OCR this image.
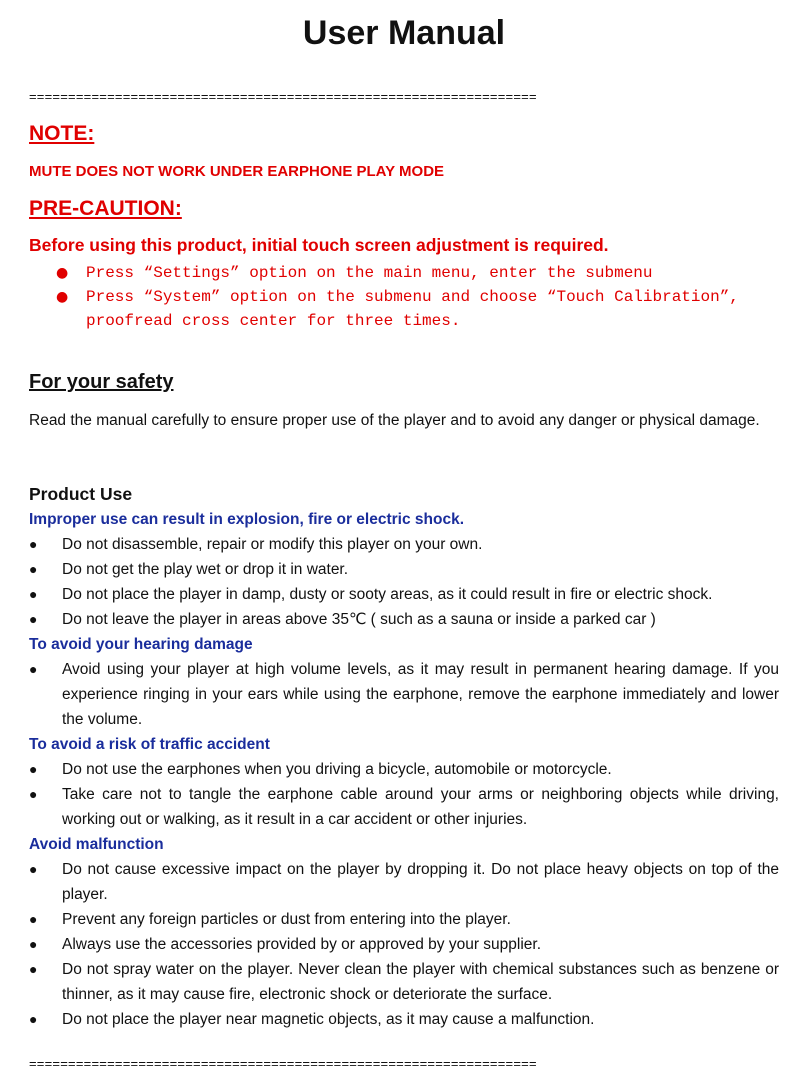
User Manual
=================================================================
NOTE:
MUTE DOES NOT WORK UNDER EARPHONE PLAY MODE
PRE-CAUTION:
Before using this product, initial touch screen adjustment is required.
● Press “Settings” option on the main menu, enter the submenu
● Press “System” option on the submenu and choose “Touch Calibration”, proofread cross center for three times.
For your safety

Read the manual carefully to ensure proper use of the player and to avoid any danger or physical damage.

Product Use
Improper use can result in explosion, fire or electric shock.
● Do not disassemble, repair or modify this player on your own.
● Do not get the play wet or drop it in water.
● Do not place the player in damp, dusty or sooty areas, as it could result in fire or electric shock.
● Do not leave the player in areas above 35℃ ( such as a sauna or inside a parked car )
To avoid your hearing damage
● Avoid using your player at high volume levels, as it may result in permanent hearing damage. If you experience ringing in your ears while using the earphone, remove the earphone immediately and lower the volume.
To avoid a risk of traffic accident
● Do not use the earphones when you driving a bicycle, automobile or motorcycle.
● Take care not to tangle the earphone cable around your arms or neighboring objects while driving, working out or walking, as it result in a car accident or other injuries.
Avoid malfunction
● Do not cause excessive impact on the player by dropping it. Do not place heavy objects on top of the player.
● Prevent any foreign particles or dust from entering into the player.
● Always use the accessories provided by or approved by your supplier.
● Do not spray water on the player. Never clean the player with chemical substances such as benzene or thinner, as it may cause fire, electronic shock or deteriorate the surface.
● Do not place the player near magnetic objects, as it may cause a malfunction.
=================================================================
